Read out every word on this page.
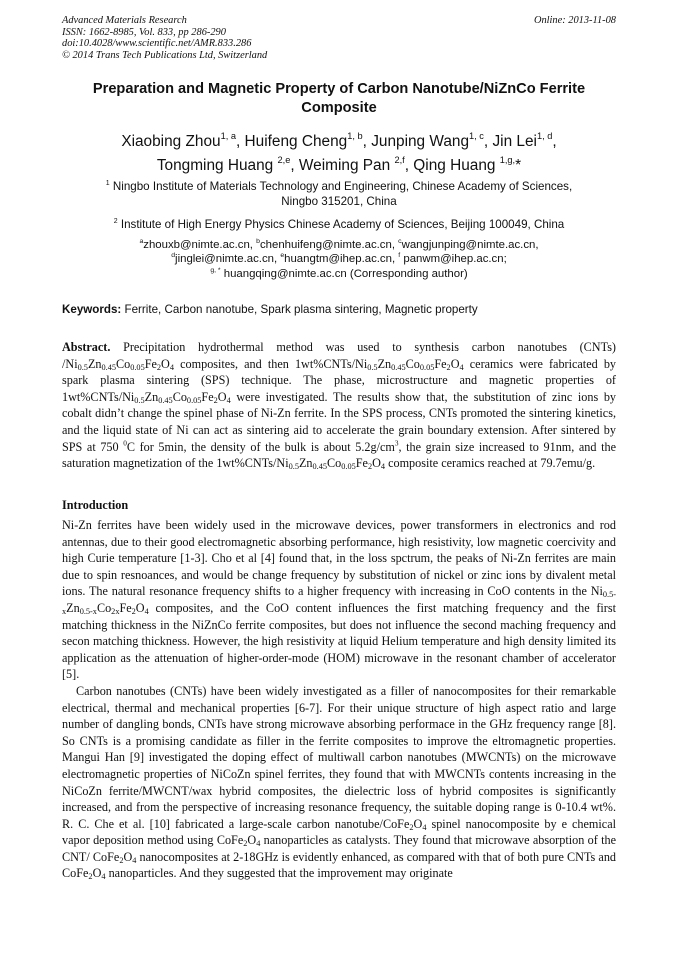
Advanced Materials Research
ISSN: 1662-8985, Vol. 833, pp 286-290
doi:10.4028/www.scientific.net/AMR.833.286
© 2014 Trans Tech Publications Ltd, Switzerland
Online: 2013-11-08
Preparation and Magnetic Property of Carbon Nanotube/NiZnCo Ferrite Composite
Xiaobing Zhou$^{1, a}$, Huifeng Cheng$^{1, b}$, Junping Wang$^{1, c}$, Jin Lei$^{1, d}$,
Tongming Huang $^{2,e}$, Weiming Pan $^{2,f}$, Qing Huang $^{1,g,}$*
$^1$ Ningbo Institute of Materials Technology and Engineering, Chinese Academy of Sciences,
Ningbo 315201, China
$^2$ Institute of High Energy Physics Chinese Academy of Sciences, Beijing 100049, China
$^a$zhouxb@nimte.ac.cn, $^b$chenhuifeng@nimte.ac.cn, $^c$wangjunping@nimte.ac.cn,
$^d$jinglei@nimte.ac.cn, $^e$huangtm@ihep.ac.cn, $^f$ panwm@ihep.ac.cn;
$^{g, *}$ huangqing@nimte.ac.cn (Corresponding author)
Keywords: Ferrite, Carbon nanotube, Spark plasma sintering, Magnetic property
Abstract. Precipitation hydrothermal method was used to synthesis carbon nanotubes (CNTs) $/Ni_{0.5}Zn_{0.45}Co_{0.05}Fe_2O_4$ composites, and then $1wt\%CNTs/Ni_{0.5}Zn_{0.45}Co_{0.05}Fe_2O_4$ ceramics were fabricated by spark plasma sintering (SPS) technique. The phase, microstructure and magnetic properties of $1wt\%CNTs/Ni_{0.5}Zn_{0.45}Co_{0.05}Fe_2O_4$ were investigated. The results show that, the substitution of zinc ions by cobalt didn’t change the spinel phase of Ni-Zn ferrite. In the SPS process, CNTs promoted the sintering kinetics, and the liquid state of Ni can act as sintering aid to accelerate the grain boundary extension. After sintered by SPS at 750 $^0$C for 5min, the density of the bulk is about $5.2g/cm^3$, the grain size increased to 91nm, and the saturation magnetization of the $1wt\%CNTs/Ni_{0.5}Zn_{0.45}Co_{0.05}Fe_2O_4$ composite ceramics reached at 79.7emu/g.
Introduction

Ni-Zn ferrites have been widely used in the microwave devices, power transformers in electronics and rod antennas, due to their good electromagnetic absorbing performance, high resistivity, low magnetic coercivity and high Curie temperature [1-3]. Cho et al [4] found that, in the loss spctrum, the peaks of Ni-Zn ferrites are main due to spin resnoances, and would be change frequency by substitution of nickel or zinc ions by divalent metal ions. The natural resonance frequency shifts to a higher frequency with increasing in CoO contents in the $Ni_{0.5-x}Zn_{0.5-x}Co_{2x}Fe_2O_4$ composites, and the CoO content influences the first matching frequency and the first matching thickness in the NiZnCo ferrite composites, but does not influence the second maching frequency and secon matching thickness. However, the high resistivity at liquid Helium temperature and high density limited its application as the attenuation of higher-order-mode (HOM) microwave in the resonant chamber of accelerator [5].

Carbon nanotubes (CNTs) have been widely investigated as a filler of nanocomposites for their remarkable electrical, thermal and mechanical properties [6-7]. For their unique structure of high aspect ratio and large number of dangling bonds, CNTs have strong microwave absorbing performace in the GHz frequency range [8]. So CNTs is a promising candidate as filler in the ferrite composites to improve the eltromagnetic properties. Mangui Han [9] investigated the doping effect of multiwall carbon nanotubes (MWCNTs) on the microwave electromagnetic properties of NiCoZn spinel ferrites, they found that with MWCNTs contents increasing in the NiCoZn ferrite/MWCNT/wax hybrid composites, the dielectric loss of hybrid composites is significantly increased, and from the perspective of increasing resonance frequency, the suitable doping range is 0-10.4 wt%. R. C. Che et al. [10] fabricated a large-scale carbon nanotube/$CoFe_2O_4$ spinel nanocomposite by e chemical vapor deposition method using $CoFe_2O_4$ nanoparticles as catalysts. They found that microwave absorption of the CNT/ $CoFe_2O_4$ nanocomposites at 2-18GHz is evidently enhanced, as compared with that of both pure CNTs and $CoFe_2O_4$ nanoparticles. And they suggested that the improvement may originate
